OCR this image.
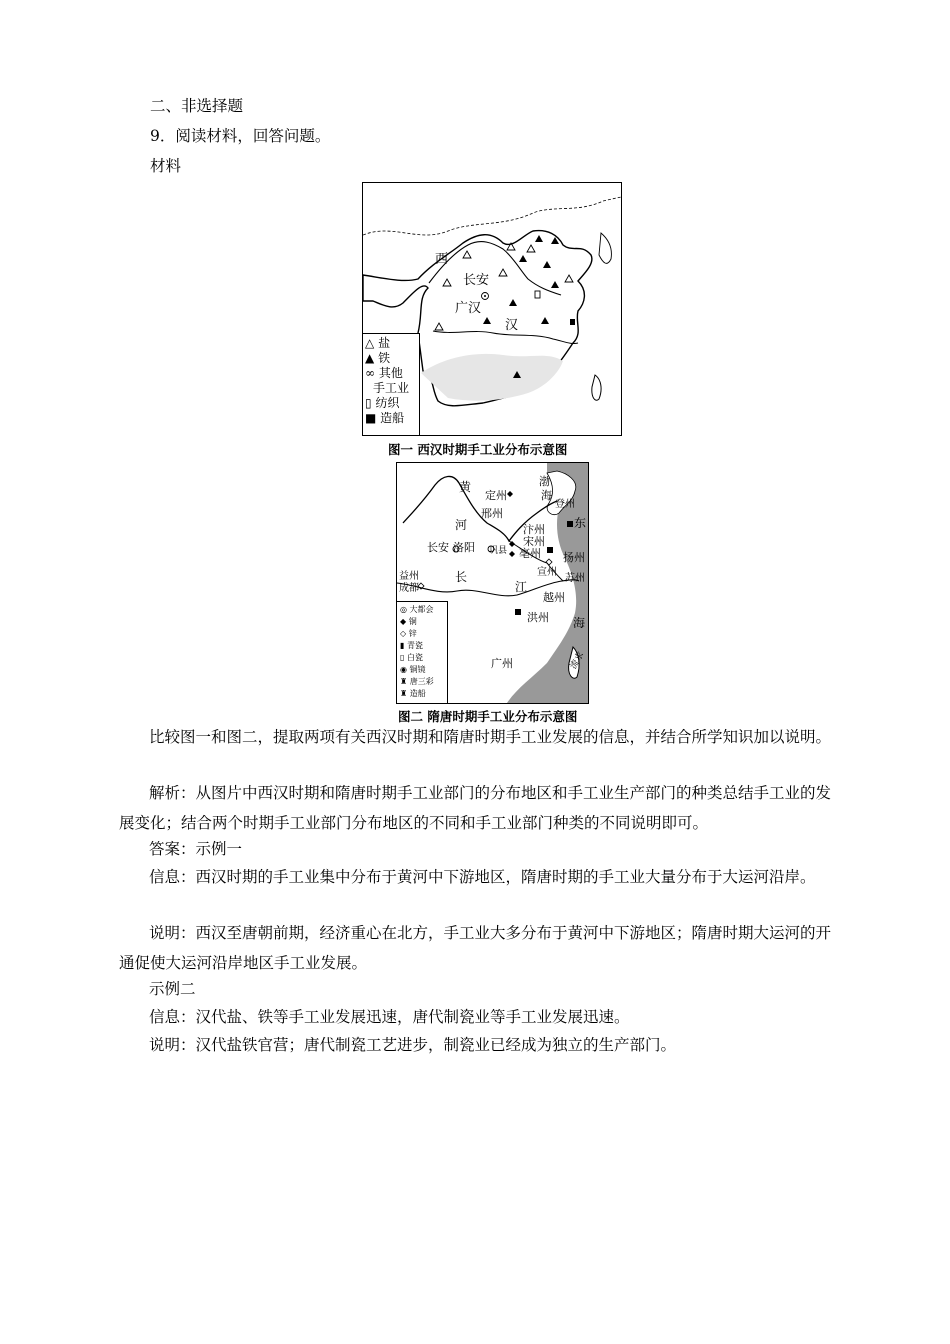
二、非选择题
9．阅读材料，回答问题。
材料
西
长安
广汉
汉
△ 盐
▲ 铁
∞ 其他
手工业
▯ 纺织
■ 造船
图一 西汉时期手工业分布示意图
黄
定州
渤
海
登州
邢州
河	东
汴州
宋州
长安 洛阳 巩县 亳州 扬州
宣州
苏州
益州
成都
长
江
越州
洪州 海
广州	流求
◎ 大都会
◆ 铜
◇ 锌
▮ 青瓷
▯ 白瓷
◉ 铜镜
♜ 唐三彩
♜ 造船
图二 隋唐时期手工业分布示意图
比较图一和图二，提取两项有关西汉时期和隋唐时期手工业发展的信息，并结合所学知识加以说明。
解析：从图片中西汉时期和隋唐时期手工业部门的分布地区和手工业生产部门的种类总结手工业的发展变化；结合两个时期手工业部门分布地区的不同和手工业部门种类的不同说明即可。
答案：示例一
信息：西汉时期的手工业集中分布于黄河中下游地区，隋唐时期的手工业大量分布于大运河沿岸。
说明：西汉至唐朝前期，经济重心在北方，手工业大多分布于黄河中下游地区；隋唐时期大运河的开通促使大运河沿岸地区手工业发展。
示例二
信息：汉代盐、铁等手工业发展迅速，唐代制瓷业等手工业发展迅速。
说明：汉代盐铁官营；唐代制瓷工艺进步，制瓷业已经成为独立的生产部门。
